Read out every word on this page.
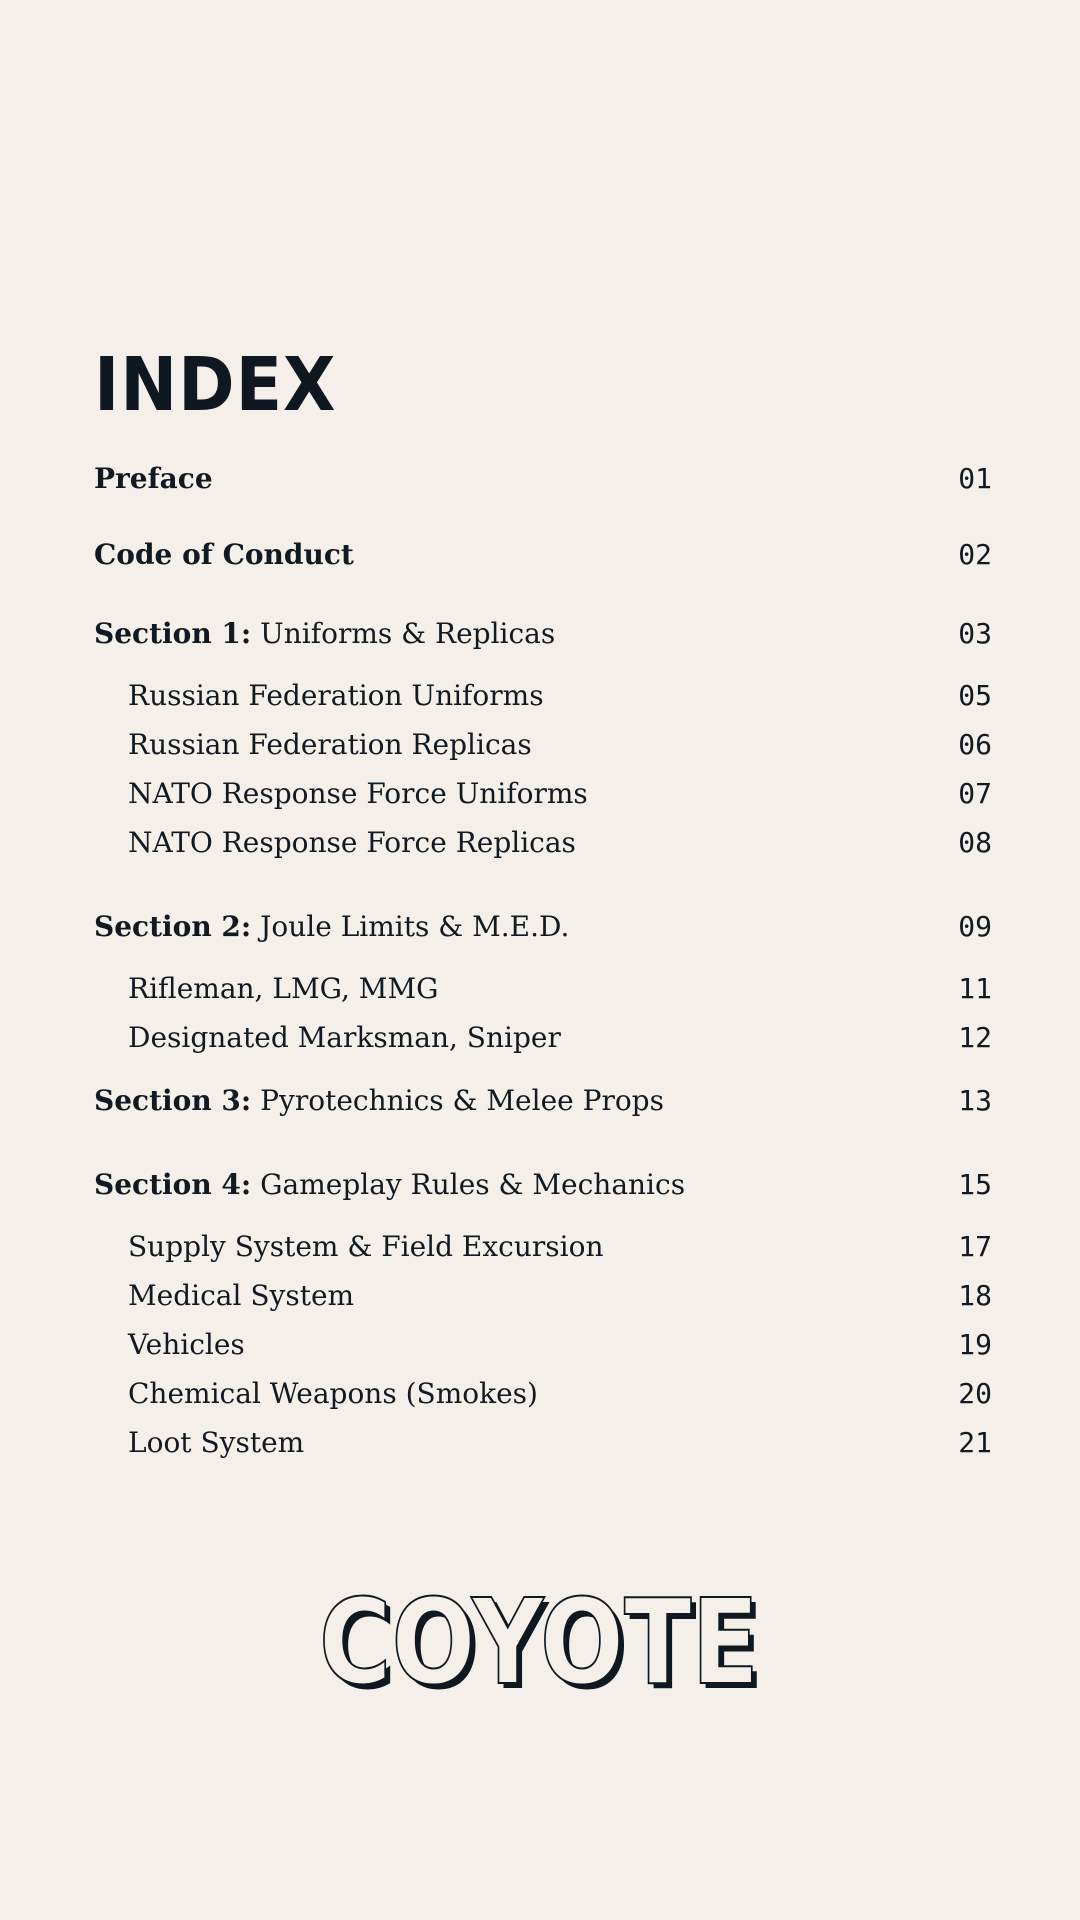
INDEX
Preface	01
Code of Conduct	02
Section 1: Uniforms & Replicas	03
Russian Federation Uniforms	05
Russian Federation Replicas	06
NATO Response Force Uniforms	07
NATO Response Force Replicas	08
Section 2: Joule Limits & M.E.D.	09
Rifleman, LMG, MMG	11
Designated Marksman, Sniper	12
Section 3: Pyrotechnics & Melee Props	13
Section 4: Gameplay Rules & Mechanics	15
Supply System & Field Excursion	17
Medical System	18
Vehicles	19
Chemical Weapons (Smokes)	20
Loot System	21
COYOTE
COYOTE
